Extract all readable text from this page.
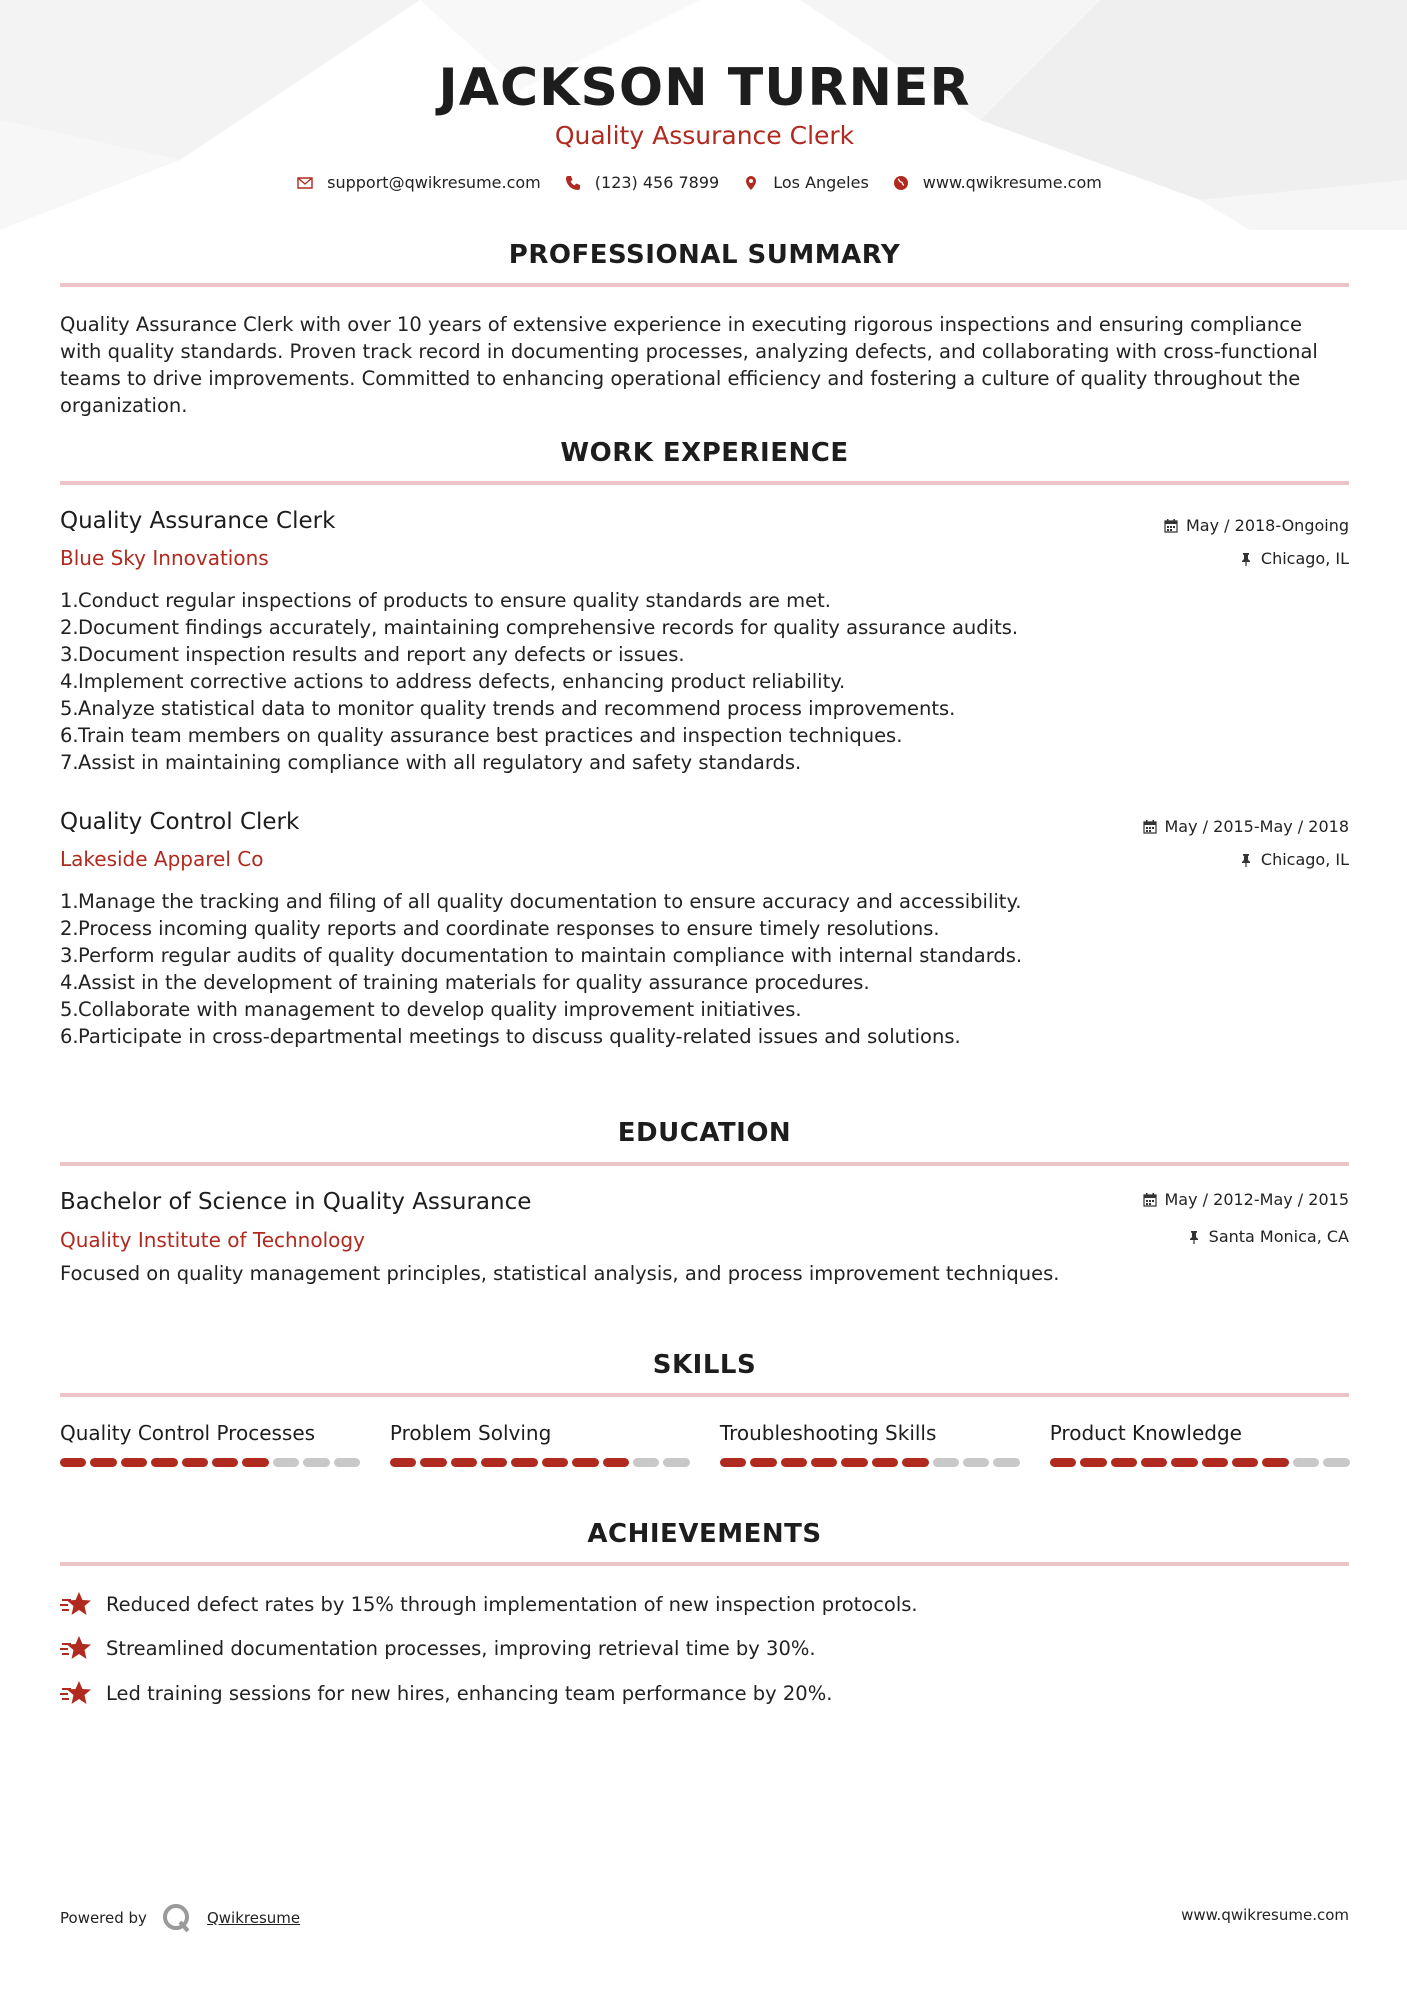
JACKSON TURNER
Quality Assurance Clerk
support@qwikresume.com	(123) 456 7899	Los Angeles	www.qwikresume.com
PROFESSIONAL SUMMARY
Quality Assurance Clerk with over 10 years of extensive experience in executing rigorous inspections and ensuring compliance with quality standards. Proven track record in documenting processes, analyzing defects, and collaborating with cross-functional teams to drive improvements. Committed to enhancing operational efficiency and fostering a culture of quality throughout the organization.
WORK EXPERIENCE
Quality Assurance Clerk	May / 2018-Ongoing
Blue Sky Innovations	Chicago, IL
1. Conduct regular inspections of products to ensure quality standards are met.
2. Document findings accurately, maintaining comprehensive records for quality assurance audits.
3. Document inspection results and report any defects or issues.
4. Implement corrective actions to address defects, enhancing product reliability.
5. Analyze statistical data to monitor quality trends and recommend process improvements.
6. Train team members on quality assurance best practices and inspection techniques.
7. Assist in maintaining compliance with all regulatory and safety standards.
Quality Control Clerk	May / 2015-May / 2018
Lakeside Apparel Co	Chicago, IL
1. Manage the tracking and filing of all quality documentation to ensure accuracy and accessibility.
2. Process incoming quality reports and coordinate responses to ensure timely resolutions.
3. Perform regular audits of quality documentation to maintain compliance with internal standards.
4. Assist in the development of training materials for quality assurance procedures.
5. Collaborate with management to develop quality improvement initiatives.
6. Participate in cross-departmental meetings to discuss quality-related issues and solutions.
EDUCATION
Bachelor of Science in Quality Assurance	May / 2012-May / 2015
Quality Institute of Technology	Santa Monica, CA
Focused on quality management principles, statistical analysis, and process improvement techniques.
SKILLS
Quality Control Processes	Problem Solving	Troubleshooting Skills	Product Knowledge
ACHIEVEMENTS
Reduced defect rates by 15% through implementation of new inspection protocols.
Streamlined documentation processes, improving retrieval time by 30%.
Led training sessions for new hires, enhancing team performance by 20%.
Powered by	Qwikresume	www.qwikresume.com
